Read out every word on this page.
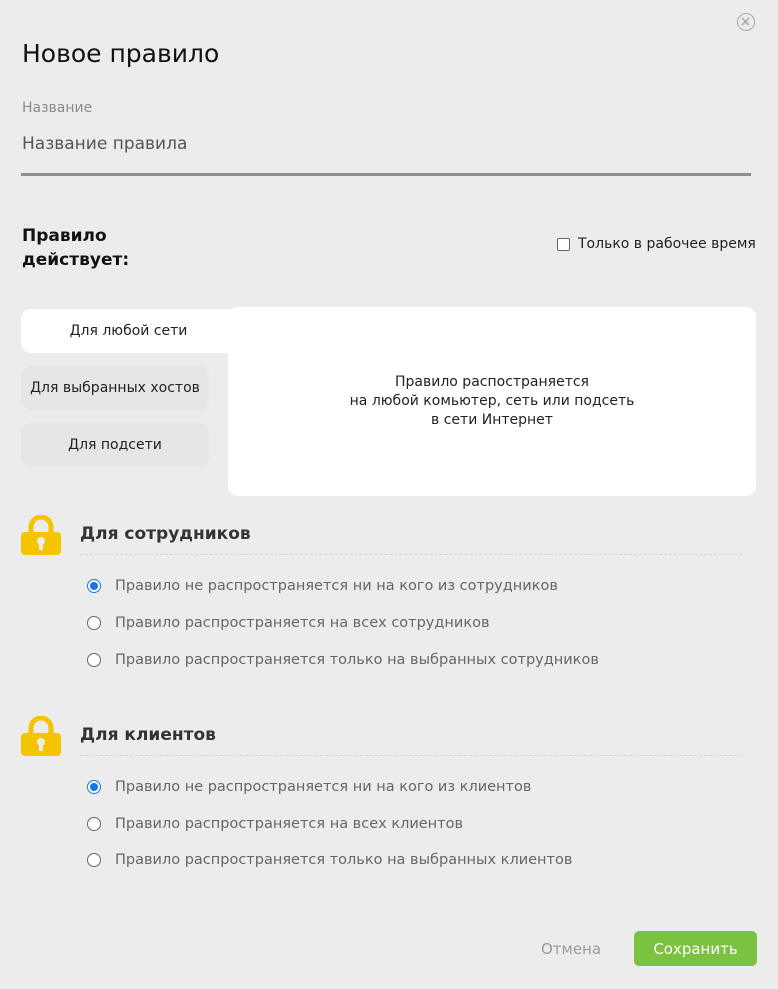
Новое правило
Название
Название правила
Правило действует:
Только в рабочее время
Правило распостраняется
на любой комьютер, сеть или подсеть
в сети Интернет
Для любой сети
Для выбранных хостов
Для подсети
Для сотрудников
Правило не распространяется ни на кого из сотрудников
Правило распространяется на всех сотрудников
Правило распространяется только на выбранных сотрудников
Для клиентов
Правило не распространяется ни на кого из клиентов
Правило распространяется на всех клиентов
Правило распространяется только на выбранных клиентов
Отмена	Сохранить
